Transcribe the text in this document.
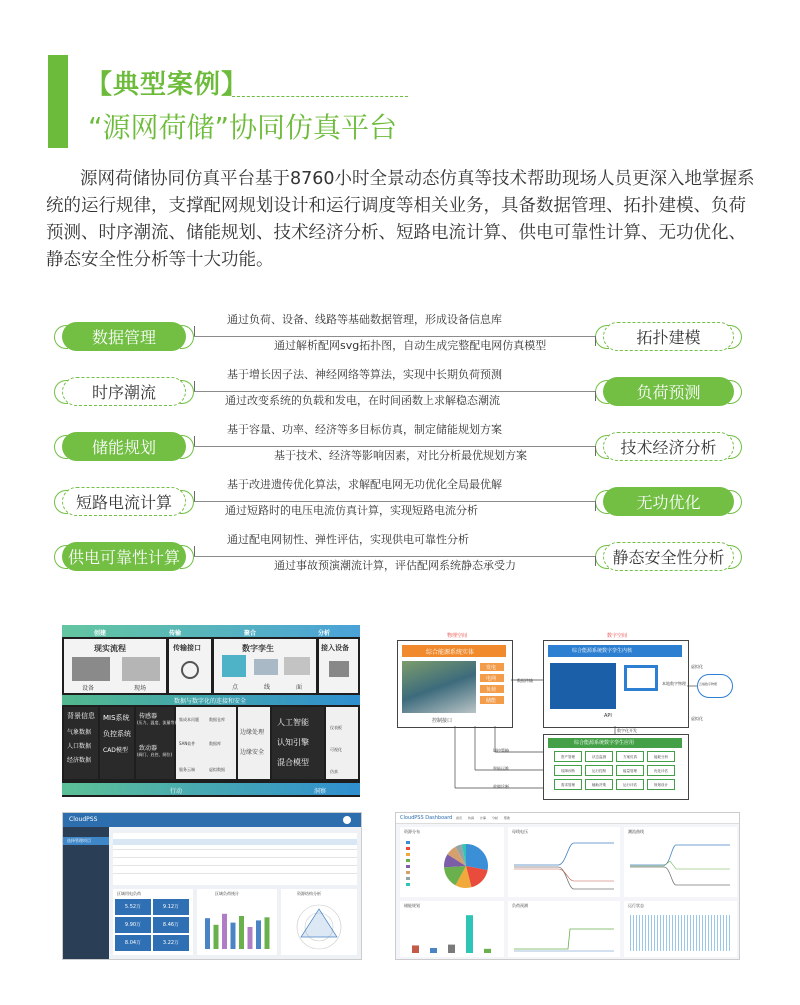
【典型案例】
“源网荷储”协同仿真平台
源网荷储协同仿真平台基于8760小时全景动态仿真等技术帮助现场人员更深入地掌握系统的运行规律，支撑配网规划设计和运行调度等相关业务，具备数据管理、拓扑建模、负荷预测、时序潮流、储能规划、技术经济分析、短路电流计算、供电可靠性计算、无功优化、静态安全性分析等十大功能。
数据管理	拓扑建模
通过负荷、设备、线路等基础数据管理，形成设备信息库
通过解析配网svg拓扑图，自动生成完整配电网仿真模型
时序潮流	负荷预测
基于增长因子法、神经网络等算法，实现中长期负荷预测
通过改变系统的负载和发电，在时间函数上求解稳态潮流
储能规划	技术经济分析
基于容量、功率、经济等多目标仿真，制定储能规划方案
基于技术、经济等影响因素，对比分析最优规划方案
短路电流计算	无功优化
基于改进遗传优化算法，求解配电网无功优化全局最优解
通过短路时的电压电流仿真计算，实现短路电流分析
供电可靠性计算	静态安全性分析
通过配电网韧性、弹性评估，实现供电可靠性分析
通过事故预演潮流计算，评估配网系统静态承受力
创建	传输	聚合	分析
现实流程
设备	现场
传输接口	数字孪生
点	线	面
接入设备
数据与数字化的连接和安全
背景信息
气象数据
人口数据
经济数据
MIS系统
负控系统
CAD模型
传感器
(压力、温度、流量等)
致动器
(阀门、启控、闸位)
集成本问题	数据仓库
SAN软件	数据库
服务云端	虚拟数据
边缘处理
边缘安全
人工智能
认知引擎
混合模型
仪表板
可视化
仿真
行动	洞察
物理空间	数字空间
综合能源系统实体
发电
电网
负荷
储能
控制接口
数据传输
综合能源系统数字孪生内核
本地数字物理
API
虚拟化
云端数字物理
虚拟化
数字化开发
综合能源系统数字孪生应用
资产管理	状态监测	方案仿真	能耗分析
故障诊断	运行控制	能量管理	优化评估
需求管理	辅助决策	运行评估	规划设计
调控策略
智能运维
故障诊断
CloudPSS
选择管理项目
区域用电负荷
5.52万	9.12万
9.90万	8.46万
8.04万	3.22万
区域负荷统计	资源结构分析
CloudPSS Dashboard 首页 仿真 计算 分析 帮助
资源分布	母线电压	潮流曲线
储能规划	负荷预测	运行状态
